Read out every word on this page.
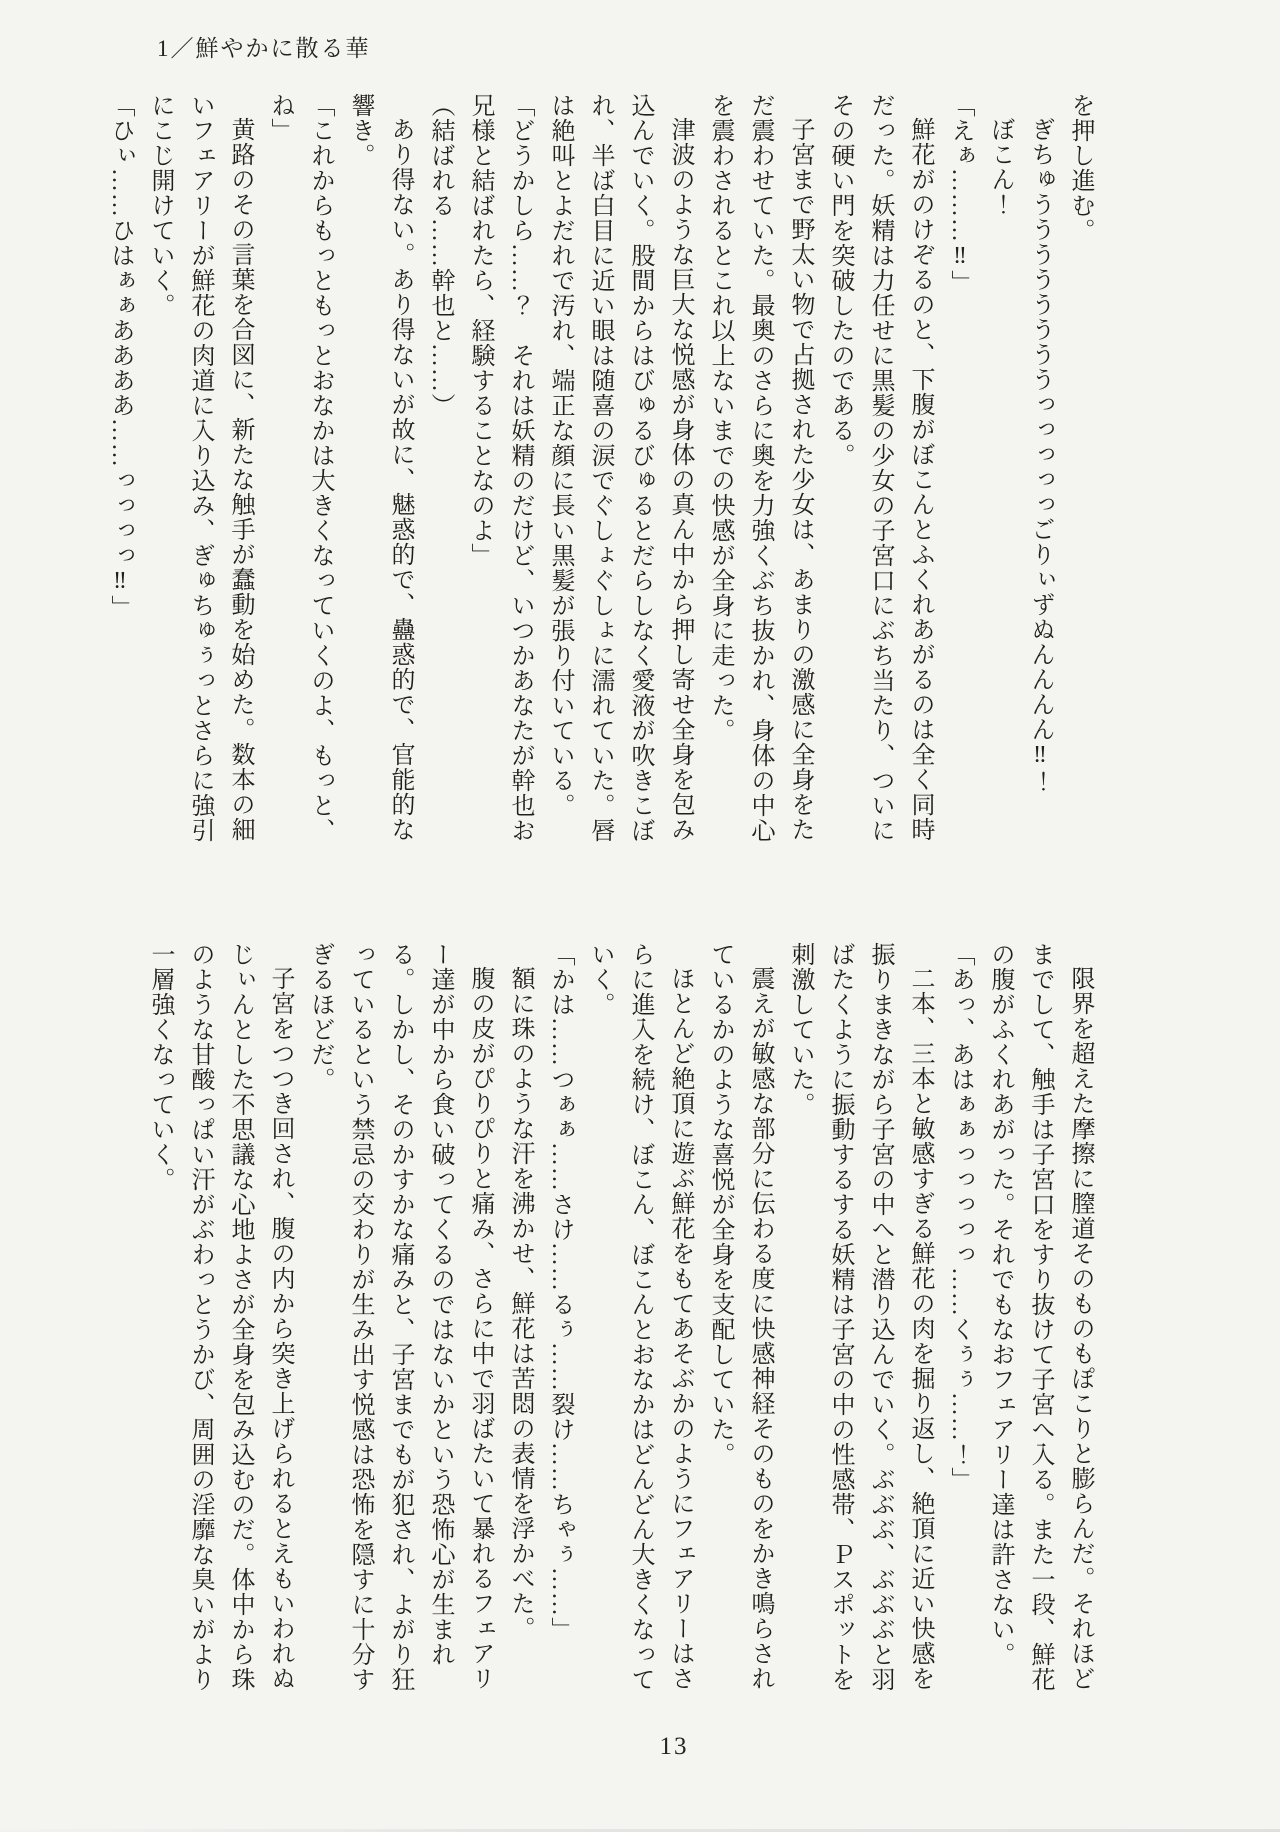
1／鮮やかに散る華

を押し進む。

ぎちゅううううううううっっっっっごりぃずぬんんんん‼！

ぼこん！

「えぁ………‼」

鮮花がのけぞるのと、下腹がぼこんとふくれあがるのは全く同時だった。妖精は力任せに黒髪の少女の子宮口にぶち当たり、ついにその硬い門を突破したのである。

子宮まで野太い物で占拠された少女は、あまりの激感に全身をただ震わせていた。最奥のさらに奥を力強くぶち抜かれ、身体の中心を震わされるとこれ以上ないまでの快感が全身に走った。

津波のような巨大な悦感が身体の真ん中から押し寄せ全身を包み込んでいく。股間からはびゅるびゅるとだらしなく愛液が吹きこぼれ、半ば白目に近い眼は随喜の涙でぐしょぐしょに濡れていた。唇は絶叫とよだれで汚れ、端正な顔に長い黒髪が張り付いている。

「どうかしら……？　それは妖精のだけど、いつかあなたが幹也お兄様と結ばれたら、経験することなのよ」

（結ばれる……幹也と……）

あり得ない。あり得ないが故に、魅惑的で、蠱惑的で、官能的な響き。

「これからもっともっとおなかは大きくなっていくのよ、もっと、ね」

黄路のその言葉を合図に、新たな触手が蠢動を始めた。数本の細いフェアリーが鮮花の肉道に入り込み、ぎゅちゅぅっとさらに強引にこじ開けていく。

「ひぃ……ひはぁぁああああ……っっっっ‼」

限界を超えた摩擦に膣道そのものもぽこりと膨らんだ。それほどまでして、触手は子宮口をすり抜けて子宮へ入る。また一段、鮮花の腹がふくれあがった。それでもなおフェアリー達は許さない。

「あっ、あはぁぁっっっっっ……くぅぅ……！」

二本、三本と敏感すぎる鮮花の肉を掘り返し、絶頂に近い快感を振りまきながら子宮の中へと潜り込んでいく。ぶぶぶ、ぶぶぶと羽ばたくように振動するする妖精は子宮の中の性感帯、Ｐスポットを刺激していた。

震えが敏感な部分に伝わる度に快感神経そのものをかき鳴らされているかのような喜悦が全身を支配していた。

ほとんど絶頂に遊ぶ鮮花をもてあそぶかのようにフェアリーはさらに進入を続け、ぼこん、ぼこんとおなかはどんどん大きくなっていく。

「かは……つぁぁ……さけ……るぅ……裂け……ちゃぅ……」

額に珠のような汗を沸かせ、鮮花は苦悶の表情を浮かべた。

腹の皮がぴりぴりと痛み、さらに中で羽ばたいて暴れるフェアリー達が中から食い破ってくるのではないかという恐怖心が生まれる。しかし、そのかすかな痛みと、子宮までもが犯され、よがり狂っているという禁忌の交わりが生み出す悦感は恐怖を隠すに十分すぎるほどだ。

子宮をつつき回され、腹の内から突き上げられるとえもいわれぬじぃんとした不思議な心地よさが全身を包み込むのだ。体中から珠のような甘酸っぱい汗がぶわっとうかび、周囲の淫靡な臭いがより一層強くなっていく。

13
